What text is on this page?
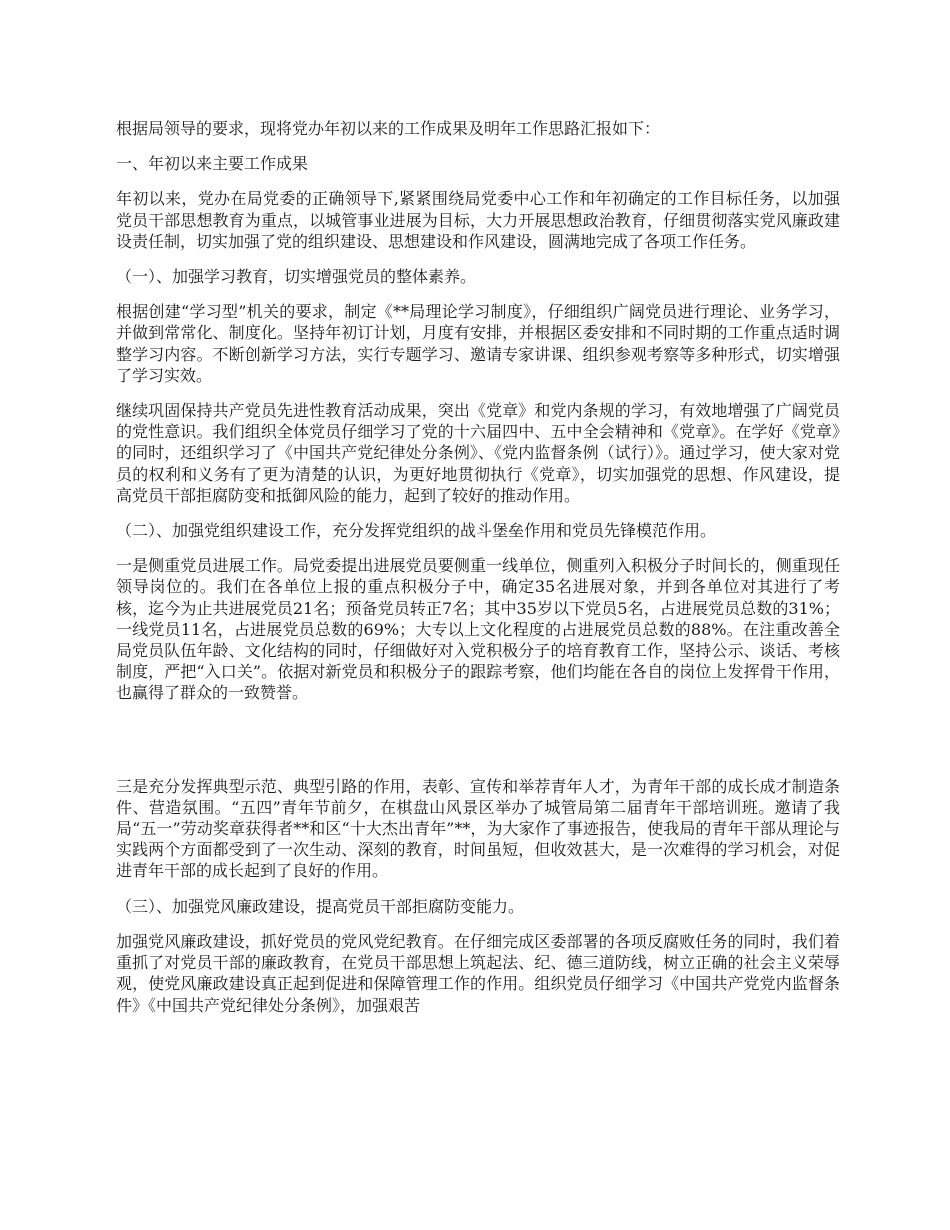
根据局领导的要求，现将党办年初以来的工作成果及明年工作思路汇报如下：

一、年初以来主要工作成果

年初以来，党办在局党委的正确领导下,紧紧围绕局党委中心工作和年初确定的工作目标任务，以加强党员干部思想教育为重点，以城管事业进展为目标，大力开展思想政治教育，仔细贯彻落实党风廉政建设责任制，切实加强了党的组织建设、思想建设和作风建设，圆满地完成了各项工作任务。

（一）、加强学习教育，切实增强党员的整体素养。

根据创建“学习型”机关的要求，制定《**局理论学习制度》，仔细组织广阔党员进行理论、业务学习，并做到常常化、制度化。坚持年初订计划，月度有安排，并根据区委安排和不同时期的工作重点适时调整学习内容。不断创新学习方法，实行专题学习、邀请专家讲课、组织参观考察等多种形式，切实增强了学习实效。

继续巩固保持共产党员先进性教育活动成果，突出《党章》和党内条规的学习，有效地增强了广阔党员的党性意识。我们组织全体党员仔细学习了党的十六届四中、五中全会精神和《党章》。在学好《党章》的同时，还组织学习了《中国共产党纪律处分条例》、《党内监督条例（试行）》。通过学习，使大家对党员的权利和义务有了更为清楚的认识，为更好地贯彻执行《党章》，切实加强党的思想、作风建设，提高党员干部拒腐防变和抵御风险的能力，起到了较好的推动作用。

（二）、加强党组织建设工作，充分发挥党组织的战斗堡垒作用和党员先锋模范作用。

一是侧重党员进展工作。局党委提出进展党员要侧重一线单位，侧重列入积极分子时间长的，侧重现任领导岗位的。我们在各单位上报的重点积极分子中，确定35名进展对象，并到各单位对其进行了考核，迄今为止共进展党员21名；预备党员转正7名；其中35岁以下党员5名，占进展党员总数的31%；一线党员11名，占进展党员总数的69%；大专以上文化程度的占进展党员总数的88%。在注重改善全局党员队伍年龄、文化结构的同时，仔细做好对入党积极分子的培育教育工作，坚持公示、谈话、考核制度，严把“入口关”。依据对新党员和积极分子的跟踪考察，他们均能在各自的岗位上发挥骨干作用，也赢得了群众的一致赞誉。

三是充分发挥典型示范、典型引路的作用，表彰、宣传和举荐青年人才，为青年干部的成长成才制造条件、营造氛围。“五四”青年节前夕，在棋盘山风景区举办了城管局第二届青年干部培训班。邀请了我局“五一”劳动奖章获得者**和区“十大杰出青年”**，为大家作了事迹报告，使我局的青年干部从理论与实践两个方面都受到了一次生动、深刻的教育，时间虽短，但收效甚大，是一次难得的学习机会，对促进青年干部的成长起到了良好的作用。

（三）、加强党风廉政建设，提高党员干部拒腐防变能力。

加强党风廉政建设，抓好党员的党风党纪教育。在仔细完成区委部署的各项反腐败任务的同时，我们着重抓了对党员干部的廉政教育，在党员干部思想上筑起法、纪、德三道防线，树立正确的社会主义荣辱观，使党风廉政建设真正起到促进和保障管理工作的作用。组织党员仔细学习《中国共产党党内监督条件》《中国共产党纪律处分条例》，加强艰苦
